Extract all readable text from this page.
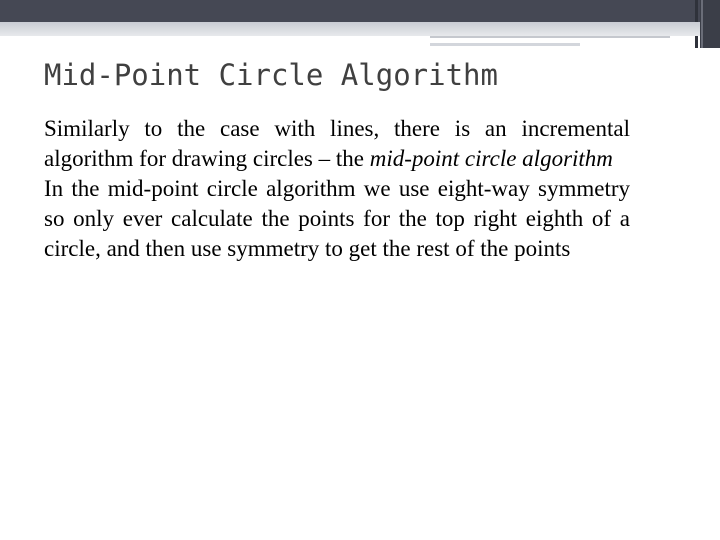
Mid-Point Circle Algorithm

Similarly to the case with lines, there is an incremental algorithm for drawing circles – the mid-point circle algorithm

In the mid-point circle algorithm we use eight-way symmetry so only ever calculate the points for the top right eighth of a circle, and then use symmetry to get the rest of the points
